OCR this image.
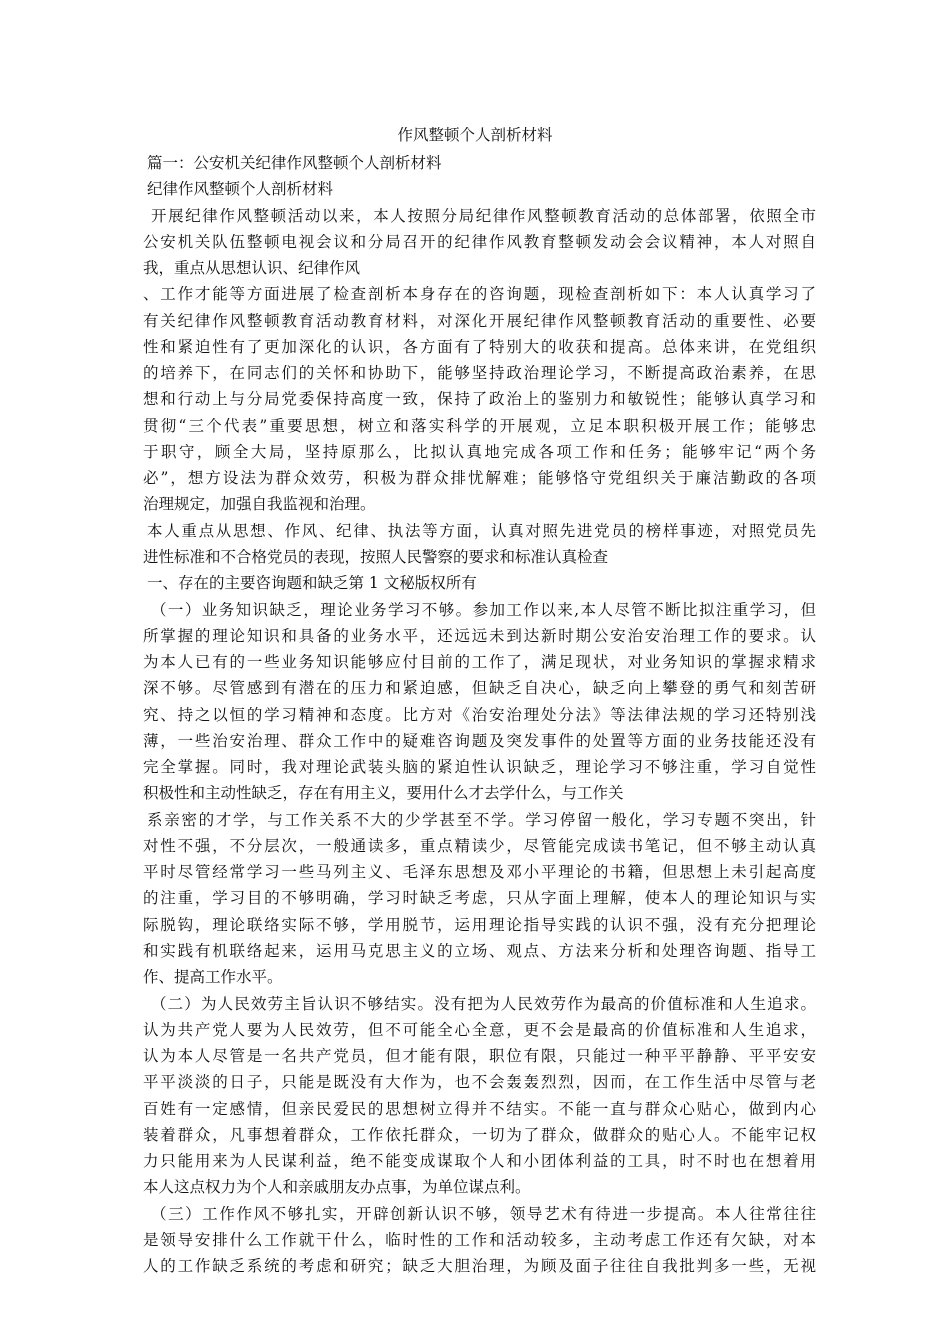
作风整顿个人剖析材料
篇一：公安机关纪律作风整顿个人剖析材料
纪律作风整顿个人剖析材料
开展纪律作风整顿活动以来，本人按照分局纪律作风整顿教育活动的总体部署，依照全市
公安机关队伍整顿电视会议和分局召开的纪律作风教育整顿发动会会议精神，本人对照自
我，重点从思想认识、纪律作风
、工作才能等方面进展了检查剖析本身存在的咨询题，现检查剖析如下：本人认真学习了
有关纪律作风整顿教育活动教育材料，对深化开展纪律作风整顿教育活动的重要性、必要
性和紧迫性有了更加深化的认识，各方面有了特别大的收获和提高。总体来讲，在党组织
的培养下，在同志们的关怀和协助下，能够坚持政治理论学习，不断提高政治素养，在思
想和行动上与分局党委保持高度一致，保持了政治上的鉴别力和敏锐性；能够认真学习和
贯彻“三个代表”重要思想，树立和落实科学的开展观，立足本职积极开展工作；能够忠
于职守，顾全大局，坚持原那么，比拟认真地完成各项工作和任务；能够牢记“两个务
必”，想方设法为群众效劳，积极为群众排忧解难；能够恪守党组织关于廉洁勤政的各项
治理规定，加强自我监视和治理。
本人重点从思想、作风、纪律、执法等方面，认真对照先进党员的榜样事迹，对照党员先
进性标准和不合格党员的表现，按照人民警察的要求和标准认真检查
一、存在的主要咨询题和缺乏第 1 文秘版权所有
（一）业务知识缺乏，理论业务学习不够。参加工作以来,本人尽管不断比拟注重学习，但
所掌握的理论知识和具备的业务水平，还远远未到达新时期公安治安治理工作的要求。认
为本人已有的一些业务知识能够应付目前的工作了，满足现状，对业务知识的掌握求精求
深不够。尽管感到有潜在的压力和紧迫感，但缺乏自决心，缺乏向上攀登的勇气和刻苦研
究、持之以恒的学习精神和态度。比方对《治安治理处分法》等法律法规的学习还特别浅
薄，一些治安治理、群众工作中的疑难咨询题及突发事件的处置等方面的业务技能还没有
完全掌握。同时，我对理论武装头脑的紧迫性认识缺乏，理论学习不够注重，学习自觉性
积极性和主动性缺乏，存在有用主义，要用什么才去学什么，与工作关
系亲密的才学，与工作关系不大的少学甚至不学。学习停留一般化，学习专题不突出，针
对性不强，不分层次，一般通读多，重点精读少，尽管能完成读书笔记，但不够主动认真
平时尽管经常学习一些马列主义、毛泽东思想及邓小平理论的书籍，但思想上未引起高度
的注重，学习目的不够明确，学习时缺乏考虑，只从字面上理解，使本人的理论知识与实
际脱钩，理论联络实际不够，学用脱节，运用理论指导实践的认识不强，没有充分把理论
和实践有机联络起来，运用马克思主义的立场、观点、方法来分析和处理咨询题、指导工
作、提高工作水平。
（二）为人民效劳主旨认识不够结实。没有把为人民效劳作为最高的价值标准和人生追求。
认为共产党人要为人民效劳，但不可能全心全意，更不会是最高的价值标准和人生追求，
认为本人尽管是一名共产党员，但才能有限，职位有限，只能过一种平平静静、平平安安
平平淡淡的日子，只能是既没有大作为，也不会轰轰烈烈，因而，在工作生活中尽管与老
百姓有一定感情，但亲民爱民的思想树立得并不结实。不能一直与群众心贴心，做到内心
装着群众，凡事想着群众，工作依托群众，一切为了群众，做群众的贴心人。不能牢记权
力只能用来为人民谋利益，绝不能变成谋取个人和小团体利益的工具，时不时也在想着用
本人这点权力为个人和亲戚朋友办点事，为单位谋点利。
（三）工作作风不够扎实，开辟创新认识不够，领导艺术有待进一步提高。本人往常往往
是领导安排什么工作就干什么，临时性的工作和活动较多，主动考虑工作还有欠缺，对本
人的工作缺乏系统的考虑和研究；缺乏大胆治理，为顾及面子往往自我批判多一些，无视
